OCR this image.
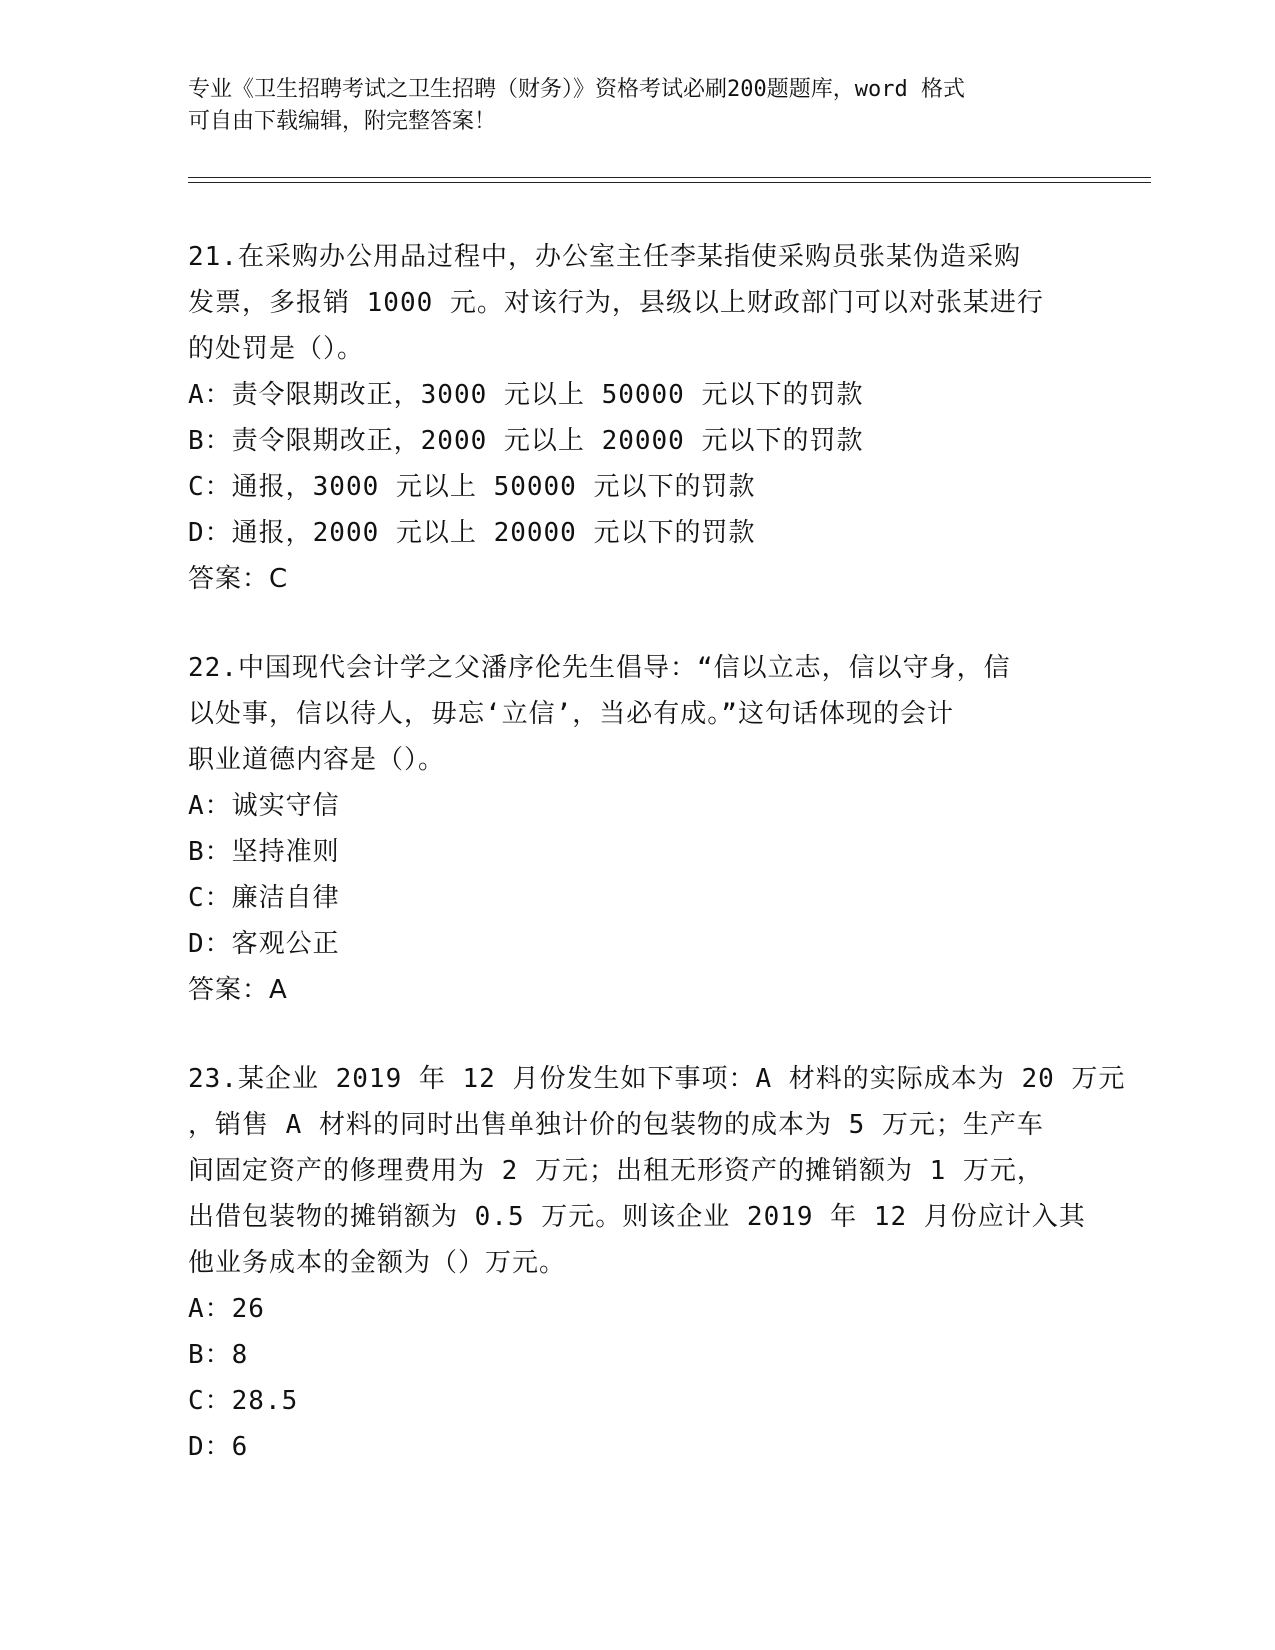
专业《卫生招聘考试之卫生招聘（财务）》资格考试必刷200题题库，word 格式
可自由下载编辑，附完整答案！
21.在采购办公用品过程中，办公室主任李某指使采购员张某伪造采购
发票，多报销 1000 元。对该行为，县级以上财政部门可以对张某进行
的处罚是（）。
A：责令限期改正，3000 元以上 50000 元以下的罚款
B：责令限期改正，2000 元以上 20000 元以下的罚款
C：通报，3000 元以上 50000 元以下的罚款
D：通报，2000 元以上 20000 元以下的罚款
答案：C
22.中国现代会计学之父潘序伦先生倡导：“信以立志，信以守身，信
以处事，信以待人，毋忘‘立信’，当必有成。”这句话体现的会计
职业道德内容是（）。
A：诚实守信
B：坚持准则
C：廉洁自律
D：客观公正
答案：A
23.某企业 2019 年 12 月份发生如下事项：A 材料的实际成本为 20 万元
，销售 A 材料的同时出售单独计价的包装物的成本为 5 万元；生产车
间固定资产的修理费用为 2 万元；出租无形资产的摊销额为 1 万元，
出借包装物的摊销额为 0.5 万元。则该企业 2019 年 12 月份应计入其
他业务成本的金额为（）万元。
A：26
B：8
C：28.5
D：6
